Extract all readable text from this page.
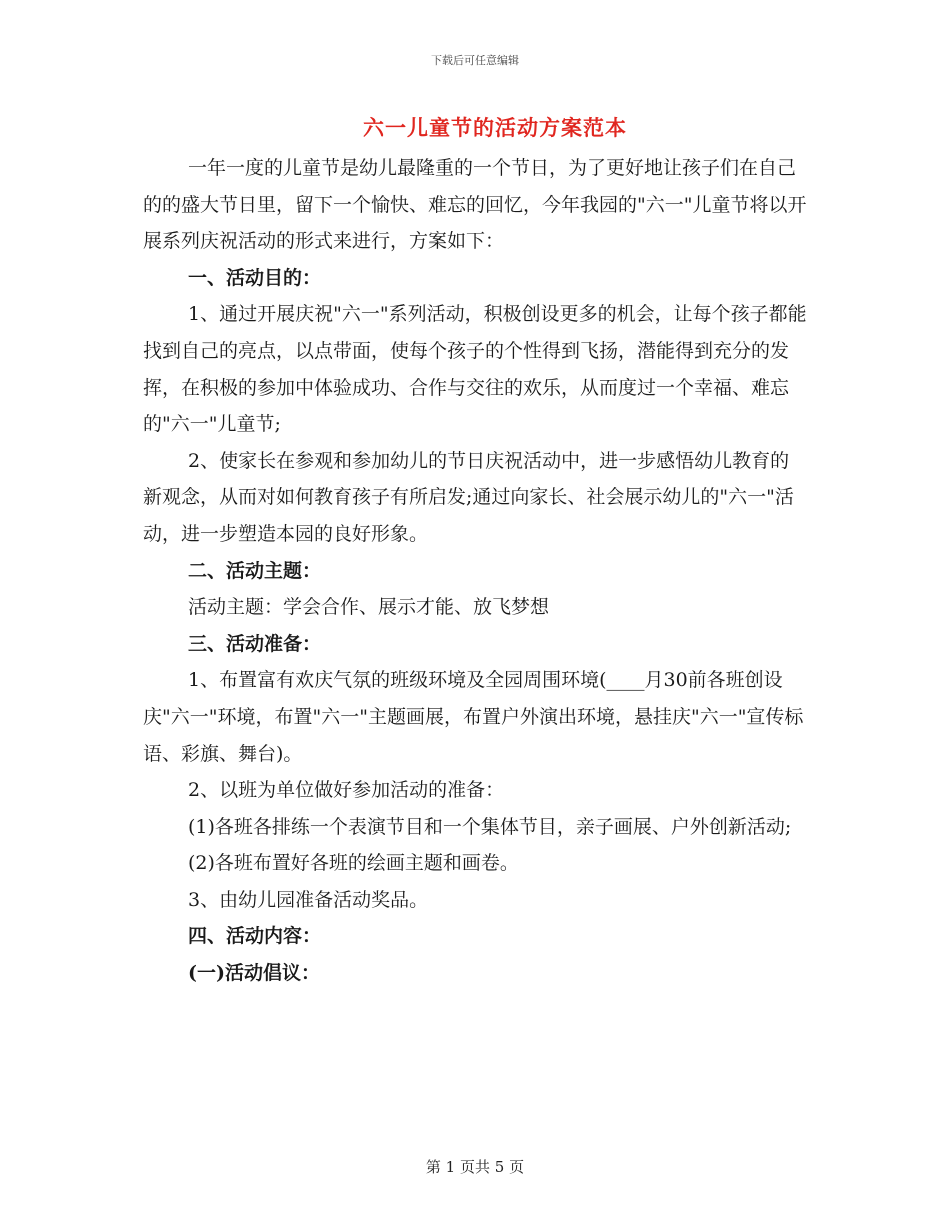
下载后可任意编辑
六一儿童节的活动方案范本

一年一度的儿童节是幼儿最隆重的一个节日，为了更好地让孩子们在自己的的盛大节日里，留下一个愉快、难忘的回忆，今年我园的"六一"儿童节将以开展系列庆祝活动的形式来进行，方案如下：

一、活动目的：

1、通过开展庆祝"六一"系列活动，积极创设更多的机会，让每个孩子都能找到自己的亮点，以点带面，使每个孩子的个性得到飞扬，潜能得到充分的发挥，在积极的参加中体验成功、合作与交往的欢乐，从而度过一个幸福、难忘的"六一"儿童节;

2、使家长在参观和参加幼儿的节日庆祝活动中，进一步感悟幼儿教育的新观念，从而对如何教育孩子有所启发;通过向家长、社会展示幼儿的"六一"活动，进一步塑造本园的良好形象。

二、活动主题：

活动主题：学会合作、展示才能、放飞梦想

三、活动准备：

1、布置富有欢庆气氛的班级环境及全园周围环境(____月30前各班创设庆"六一"环境，布置"六一"主题画展，布置户外演出环境，悬挂庆"六一"宣传标语、彩旗、舞台)。

2、以班为单位做好参加活动的准备：

(1)各班各排练一个表演节目和一个集体节目，亲子画展、户外创新活动;

(2)各班布置好各班的绘画主题和画卷。

3、由幼儿园准备活动奖品。

四、活动内容：

(一)活动倡议：

第 1 页共 5 页
